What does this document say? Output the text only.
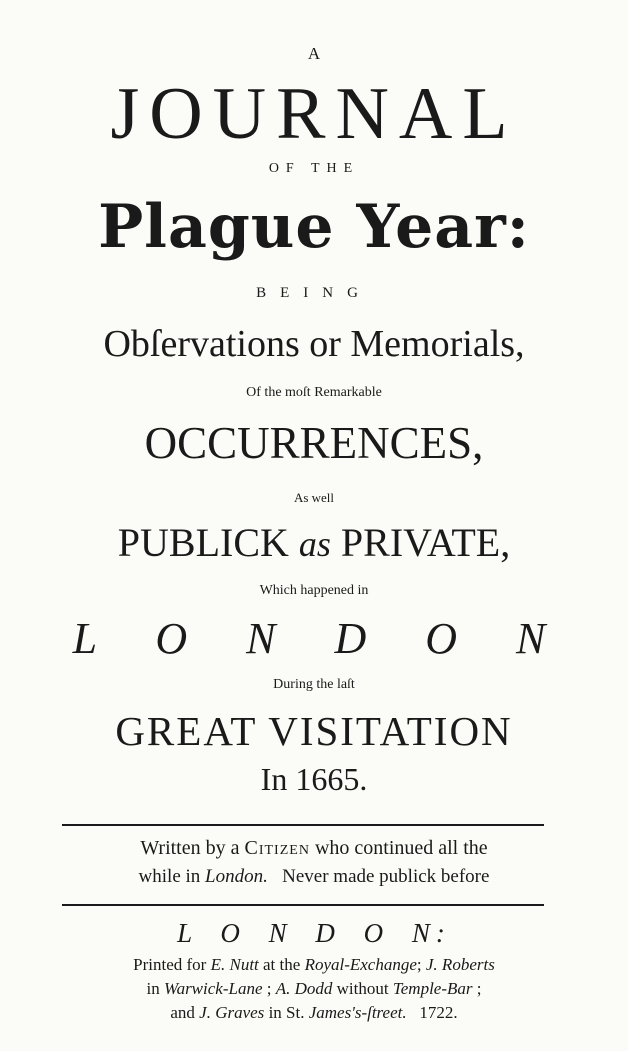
A
JOURNAL
OF THE
Plague Year:
BEING
Obſervations or Memorials,
Of the moſt Remarkable
OCCURRENCES,
As well
PUBLICK as PRIVATE,
Which happened in
L O N D O N
During the laſt
GREAT VISITATION
In 1665.
Written by a Citizen who continued all the
while in London. Never made publick before
L O N D O N:
Printed for E. Nutt at the Royal-Exchange; J. Roberts
in Warwick-Lane ; A. Dodd without Temple-Bar ;
and J. Graves in St. James's-ſtreet. 1722.
